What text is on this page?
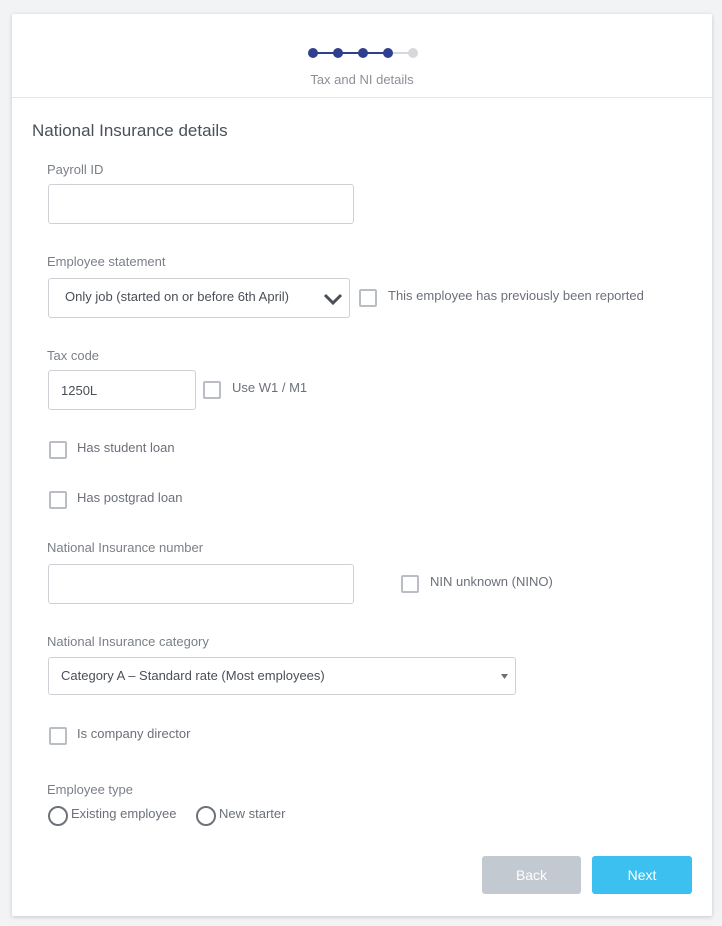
Tax and NI details
National Insurance details
Payroll ID
Employee statement
Only job (started on or before 6th April)	This employee has previously been reported
Tax code
1250L
Use W1 / M1
Has student loan
Has postgrad loan
National Insurance number
NIN unknown (NINO)
National Insurance category
Category A – Standard rate (Most employees)
Is company director
Employee type
Existing employee	New starter
Back	Next
